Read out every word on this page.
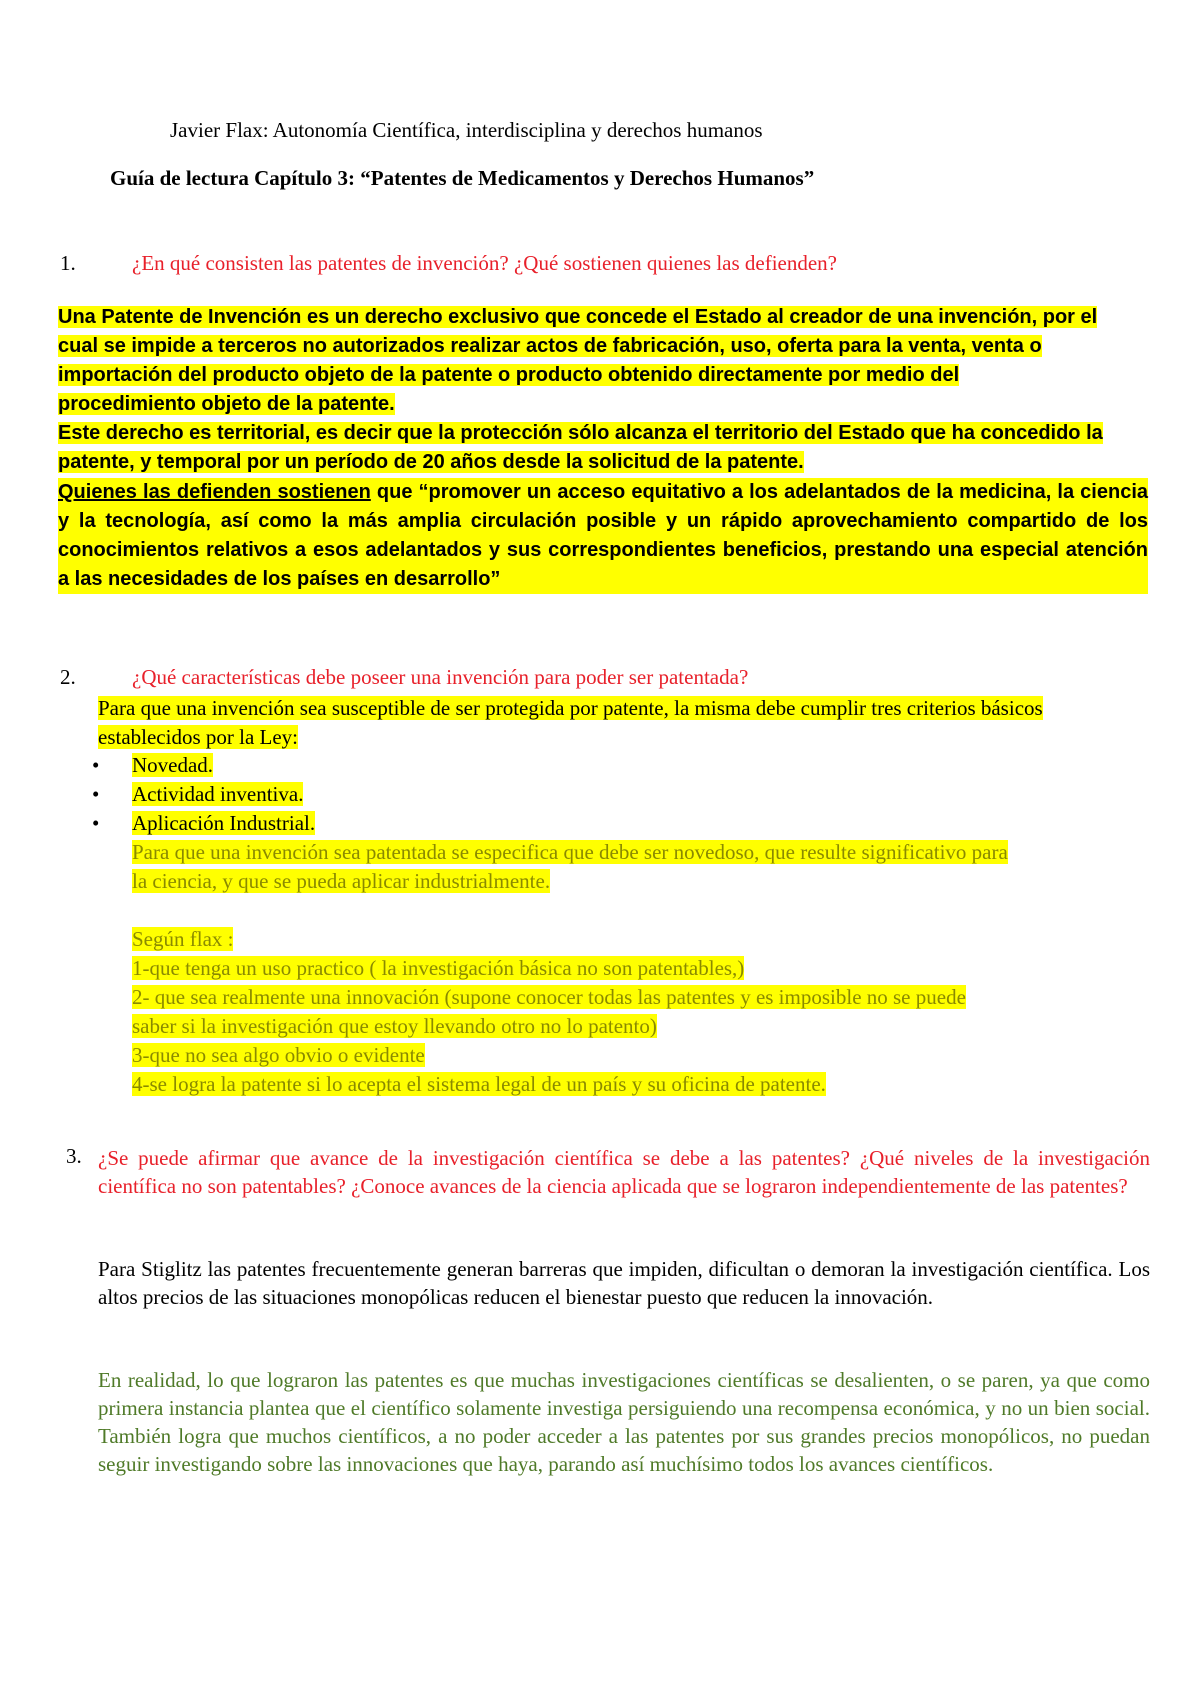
Javier Flax: Autonomía Científica, interdisciplina y derechos humanos
Guía de lectura Capítulo 3: “Patentes de Medicamentos y Derechos Humanos”
1.	¿En qué consisten las patentes de invención? ¿Qué sostienen quienes las defienden?
Una Patente de Invención es un derecho exclusivo que concede el Estado al creador de una invención, por el
cual se impide a terceros no autorizados realizar actos de fabricación, uso, oferta para la venta, venta o
importación del producto objeto de la patente o producto obtenido directamente por medio del
procedimiento objeto de la patente.
Este derecho es territorial, es decir que la protección sólo alcanza el territorio del Estado que ha concedido la
patente, y temporal por un período de 20 años desde la solicitud de la patente.
Quienes las defienden sostienen que “promover un acceso equitativo a los adelantados de la medicina, la ciencia y la tecnología, así como la más amplia circulación posible y un rápido aprovechamiento compartido de los conocimientos relativos a esos adelantados y sus correspondientes beneficios, prestando una especial atención a las necesidades de los países en desarrollo”
2.	¿Qué características debe poseer una invención para poder ser patentada?
Para que una invención sea susceptible de ser protegida por patente, la misma debe cumplir tres criterios básicos establecidos por la Ley:
• Novedad.
• Actividad inventiva.
• Aplicación Industrial.
Para que una invención sea patentada se especifica que debe ser novedoso, que resulte significativo para
la ciencia, y que se pueda aplicar industrialmente.

Según flax :
1-que tenga un uso practico ( la investigación básica no son patentables,)
2- que sea realmente una innovación (supone conocer todas las patentes y es imposible no se puede
saber si la investigación que estoy llevando otro no lo patento)
3-que no sea algo obvio o evidente
4-se logra la patente si lo acepta el sistema legal de un país y su oficina de patente.
3. ¿Se puede afirmar que avance de la investigación científica se debe a las patentes? ¿Qué niveles de la investigación científica no son patentables? ¿Conoce avances de la ciencia aplicada que se lograron independientemente de las patentes?
Para Stiglitz las patentes frecuentemente generan barreras que impiden, dificultan o demoran la investigación científica. Los altos precios de las situaciones monopólicas reducen el bienestar puesto que reducen la innovación.
En realidad, lo que lograron las patentes es que muchas investigaciones científicas se desalienten, o se paren, ya que como primera instancia plantea que el científico solamente investiga persiguiendo una recompensa económica, y no un bien social. También logra que muchos científicos, a no poder acceder a las patentes por sus grandes precios monopólicos, no puedan seguir investigando sobre las innovaciones que haya, parando así muchísimo todos los avances científicos.
